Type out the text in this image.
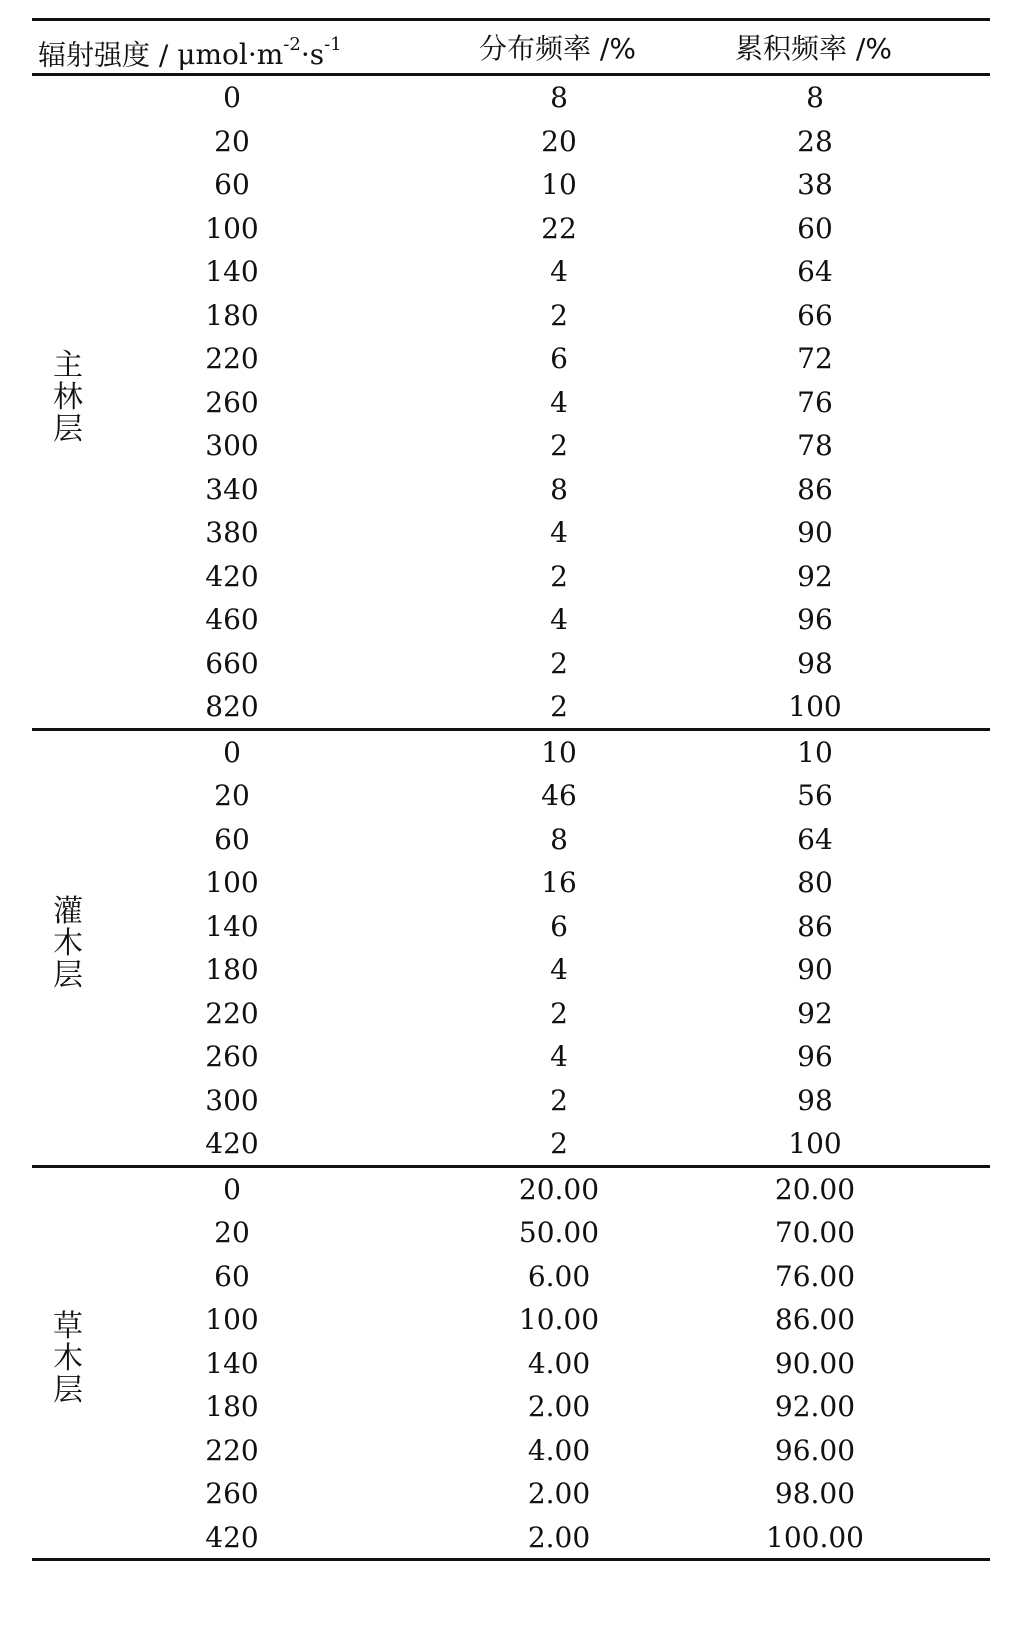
辐射强度 / $\mu mol\cdot m^{-2}\cdot s^{-1}$	分布频率 /%	累积频率 /%
主林层
0	8	8
20	20	28
60	10	38
100	22	60
140	4	64
180	2	66
220	6	72
260	4	76
300	2	78
340	8	86
380	4	90
420	2	92
460	4	96
660	2	98
820	2	100
灌木层
0	10	10
20	46	56
60	8	64
100	16	80
140	6	86
180	4	90
220	2	92
260	4	96
300	2	98
420	2	100
草木层
0	20.00	20.00
20	50.00	70.00
60	6.00	76.00
100	10.00	86.00
140	4.00	90.00
180	2.00	92.00
220	4.00	96.00
260	2.00	98.00
420	2.00	100.00
